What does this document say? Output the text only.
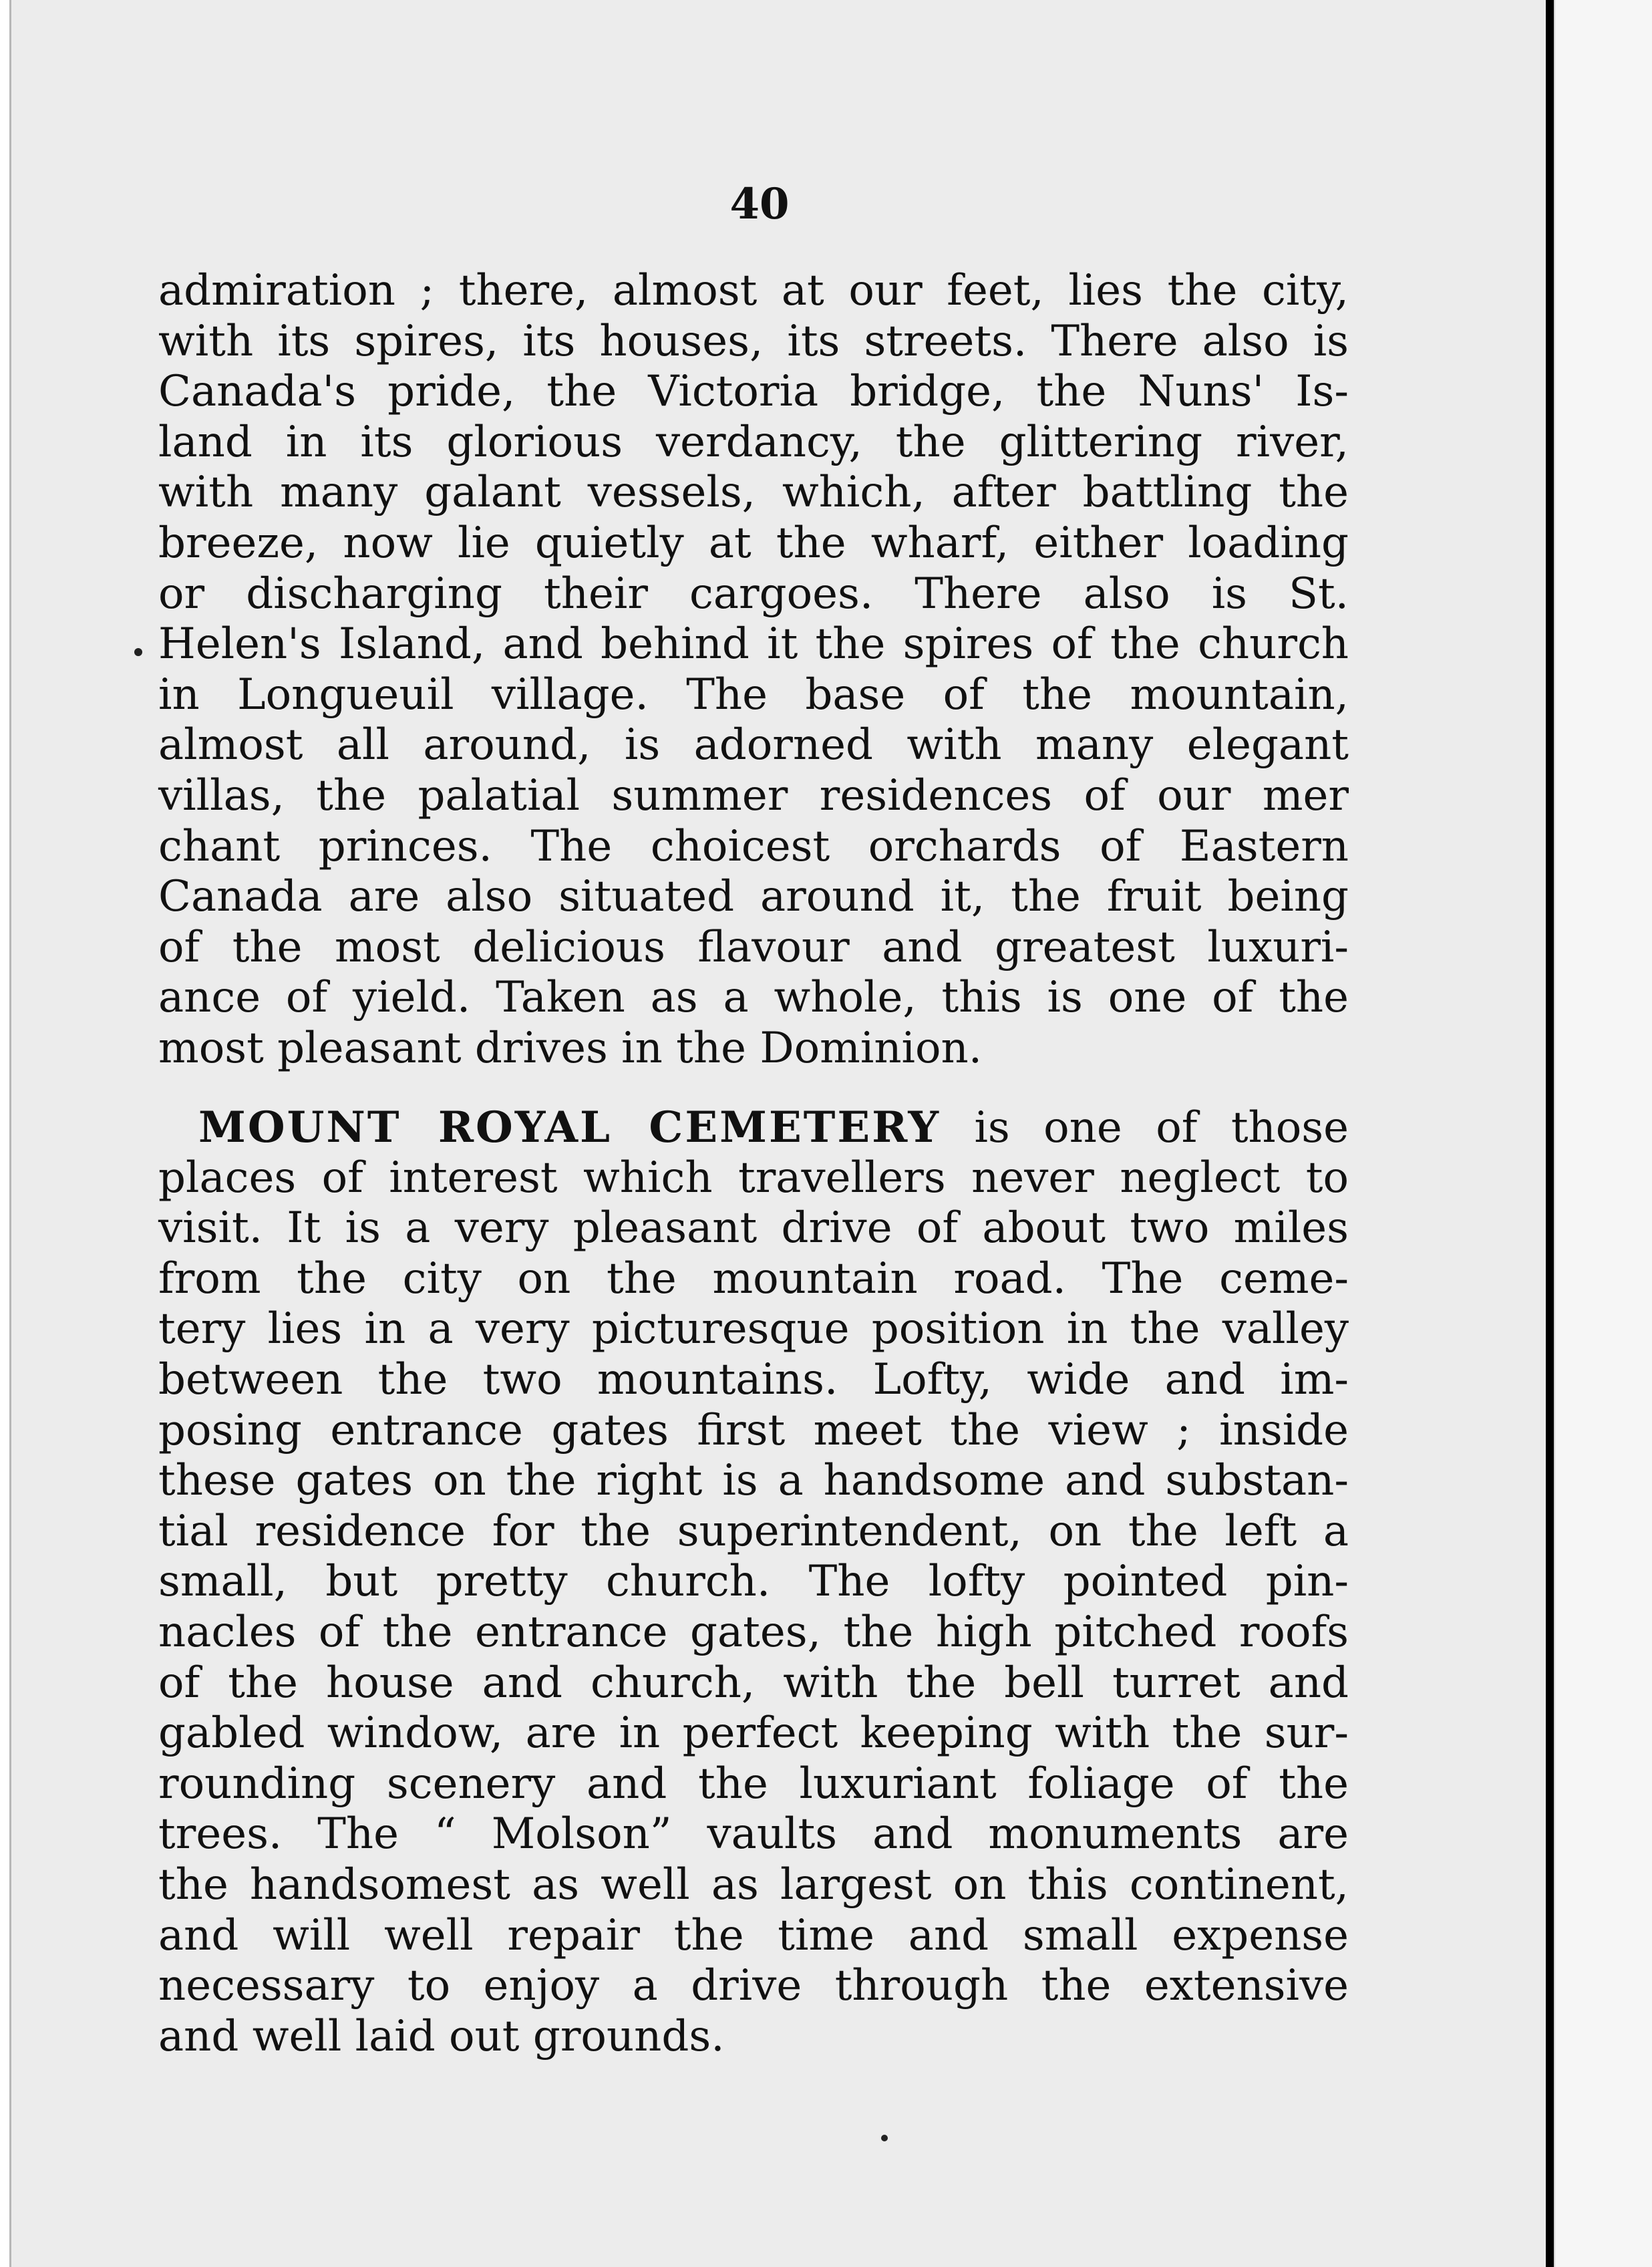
40
admiration ; there, almost at our feet, lies the city,
with its spires, its houses, its streets. There also is
Canada's pride, the Victoria bridge, the Nuns' Is-
land in its glorious verdancy, the glittering river,
with many galant vessels, which, after battling the
breeze, now lie quietly at the wharf, either loading
or discharging their cargoes. There also is St.
Helen's Island, and behind it the spires of the church
in Longueuil village. The base of the mountain,
almost all around, is adorned with many elegant
villas, the palatial summer residences of our mer
chant princes. The choicest orchards of Eastern
Canada are also situated around it, the fruit being
of the most delicious flavour and greatest luxuri-
ance of yield. Taken as a whole, this is one of the
most pleasant drives in the Dominion.
MOUNT ROYAL CEMETERY is one of those
places of interest which travellers never neglect to
visit. It is a very pleasant drive of about two miles
from the city on the mountain road. The ceme-
tery lies in a very picturesque position in the valley
between the two mountains. Lofty, wide and im-
posing entrance gates first meet the view ; inside
these gates on the right is a handsome and substan-
tial residence for the superintendent, on the left a
small, but pretty church. The lofty pointed pin-
nacles of the entrance gates, the high pitched roofs
of the house and church, with the bell turret and
gabled window, are in perfect keeping with the sur-
rounding scenery and the luxuriant foliage of the
trees. The “ Molson” vaults and monuments are
the handsomest as well as largest on this continent,
and will well repair the time and small expense
necessary to enjoy a drive through the extensive
and well laid out grounds.
